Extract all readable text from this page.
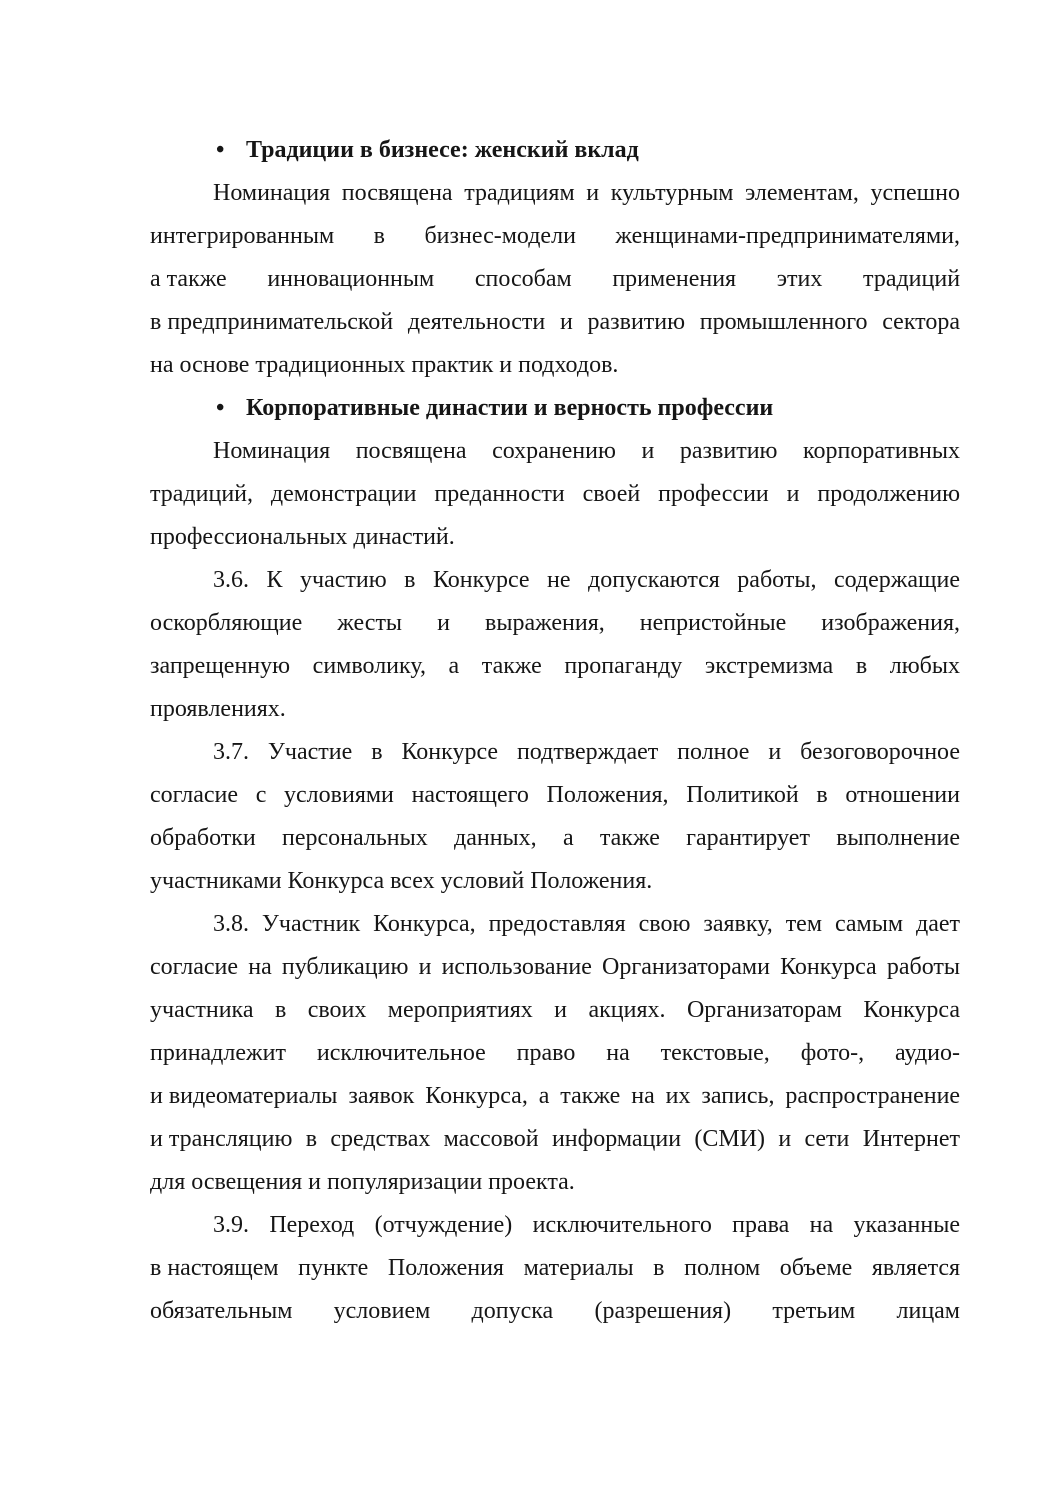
• Традиции в бизнесе: женский вклад
Номинация посвящена традициям и культурным элементам, успешно
интегрированным в бизнес-модели женщинами-предпринимателями,
а также инновационным способам применения этих традиций
в предпринимательской деятельности и развитию промышленного сектора
на основе традиционных практик и подходов.
• Корпоративные династии и верность профессии
Номинация посвящена сохранению и развитию корпоративных
традиций, демонстрации преданности своей профессии и продолжению
профессиональных династий.
3.6. К участию в Конкурсе не допускаются работы, содержащие
оскорбляющие жесты и выражения, непристойные изображения,
запрещенную символику, а также пропаганду экстремизма в любых
проявлениях.
3.7. Участие в Конкурсе подтверждает полное и безоговорочное
согласие с условиями настоящего Положения, Политикой в отношении
обработки персональных данных, а также гарантирует выполнение
участниками Конкурса всех условий Положения.
3.8. Участник Конкурса, предоставляя свою заявку, тем самым дает
согласие на публикацию и использование Организаторами Конкурса работы
участника в своих мероприятиях и акциях. Организаторам Конкурса
принадлежит исключительное право на текстовые, фото-, аудио-
и видеоматериалы заявок Конкурса, а также на их запись, распространение
и трансляцию в средствах массовой информации (СМИ) и сети Интернет
для освещения и популяризации проекта.
3.9. Переход (отчуждение) исключительного права на указанные
в настоящем пункте Положения материалы в полном объеме является
обязательным условием допуска (разрешения) третьим лицам
